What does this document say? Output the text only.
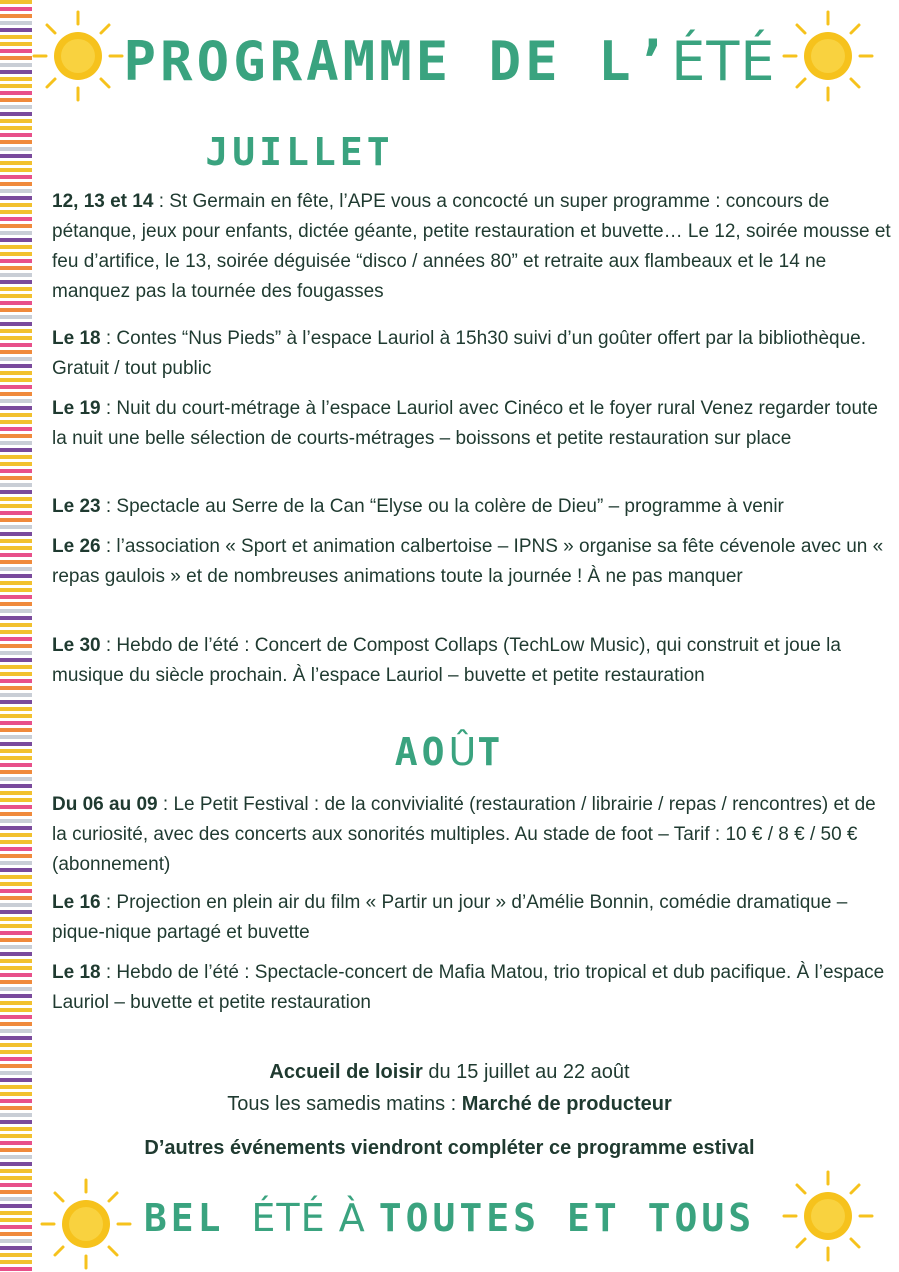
PROGRAMME DE L’ÉTÉ
JUILLET

12, 13 et 14 : St Germain en fête, l’APE vous a concocté un super programme : concours de pétanque, jeux pour enfants, dictée géante, petite restauration et buvette… Le 12, soirée mousse et feu d’artifice, le 13, soirée déguisée “disco / années 80” et retraite aux flambeaux et le 14 ne manquez pas la tournée des fougasses

Le 18 : Contes “Nus Pieds” à l’espace Lauriol à 15h30 suivi d’un goûter offert par la bibliothèque. Gratuit / tout public

Le 19 : Nuit du court-métrage à l’espace Lauriol avec Cinéco et le foyer rural Venez regarder toute la nuit une belle sélection de courts-métrages – boissons et petite restauration sur place

Le 23 : Spectacle au Serre de la Can “Elyse ou la colère de Dieu” – programme à venir

Le 26 : l’association « Sport et animation calbertoise – IPNS » organise sa fête cévenole avec un « repas gaulois » et de nombreuses animations toute la journée ! À ne pas manquer

Le 30 : Hebdo de l’été : Concert de Compost Collaps (TechLow Music), qui construit et joue la musique du siècle prochain. À l’espace Lauriol – buvette et petite restauration

AOÛT

Du 06 au 09 : Le Petit Festival : de la convivialité (restauration / librairie / repas / rencontres) et de la curiosité, avec des concerts aux sonorités multiples. Au stade de foot – Tarif : 10 € / 8 € / 50 € (abonnement)

Le 16 : Projection en plein air du film « Partir un jour » d’Amélie Bonnin, comédie dramatique – pique-nique partagé et buvette

Le 18 : Hebdo de l’été : Spectacle-concert de Mafia Matou, trio tropical et dub pacifique. À l’espace Lauriol – buvette et petite restauration

Accueil de loisir du 15 juillet au 22 août

Tous les samedis matins : Marché de producteur

D’autres événements viendront compléter ce programme estival

BEL ÉTÉ À TOUTES ET TOUS
